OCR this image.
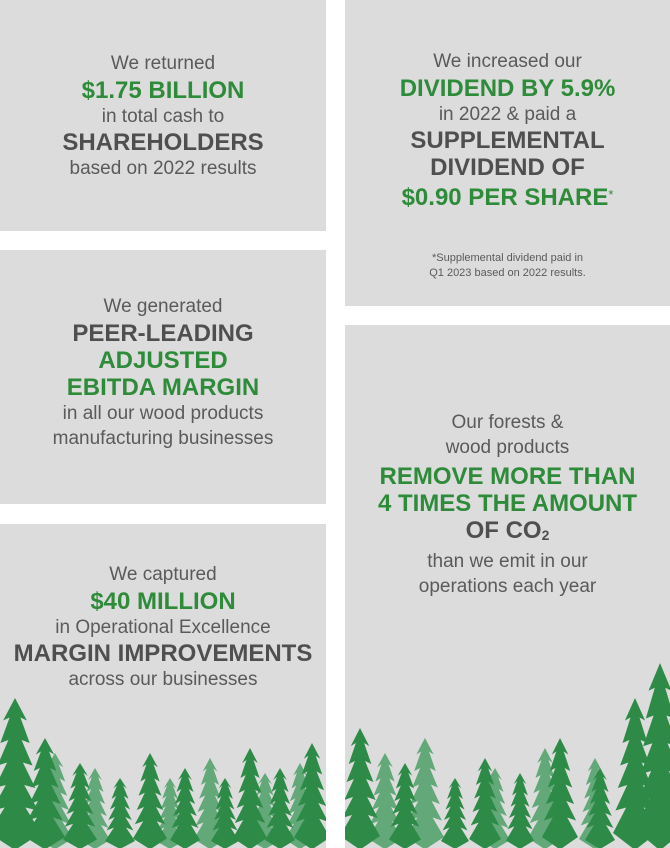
We returned
$1.75 BILLION
in total cash to
SHAREHOLDERS
based on 2022 results
We increased our
DIVIDEND BY 5.9%
in 2022 & paid a
SUPPLEMENTAL
DIVIDEND OF
$0.90 PER SHARE*
*Supplemental dividend paid in
Q1 2023 based on 2022 results.
We generated
PEER-LEADING
ADJUSTED
EBITDA MARGIN
in all our wood products
manufacturing businesses
Our forests &
wood products
REMOVE MORE THAN
4 TIMES THE AMOUNT
OF $CO_2$
than we emit in our
operations each year
We captured
$40 MILLION
in Operational Excellence
MARGIN IMPROVEMENTS
across our businesses
